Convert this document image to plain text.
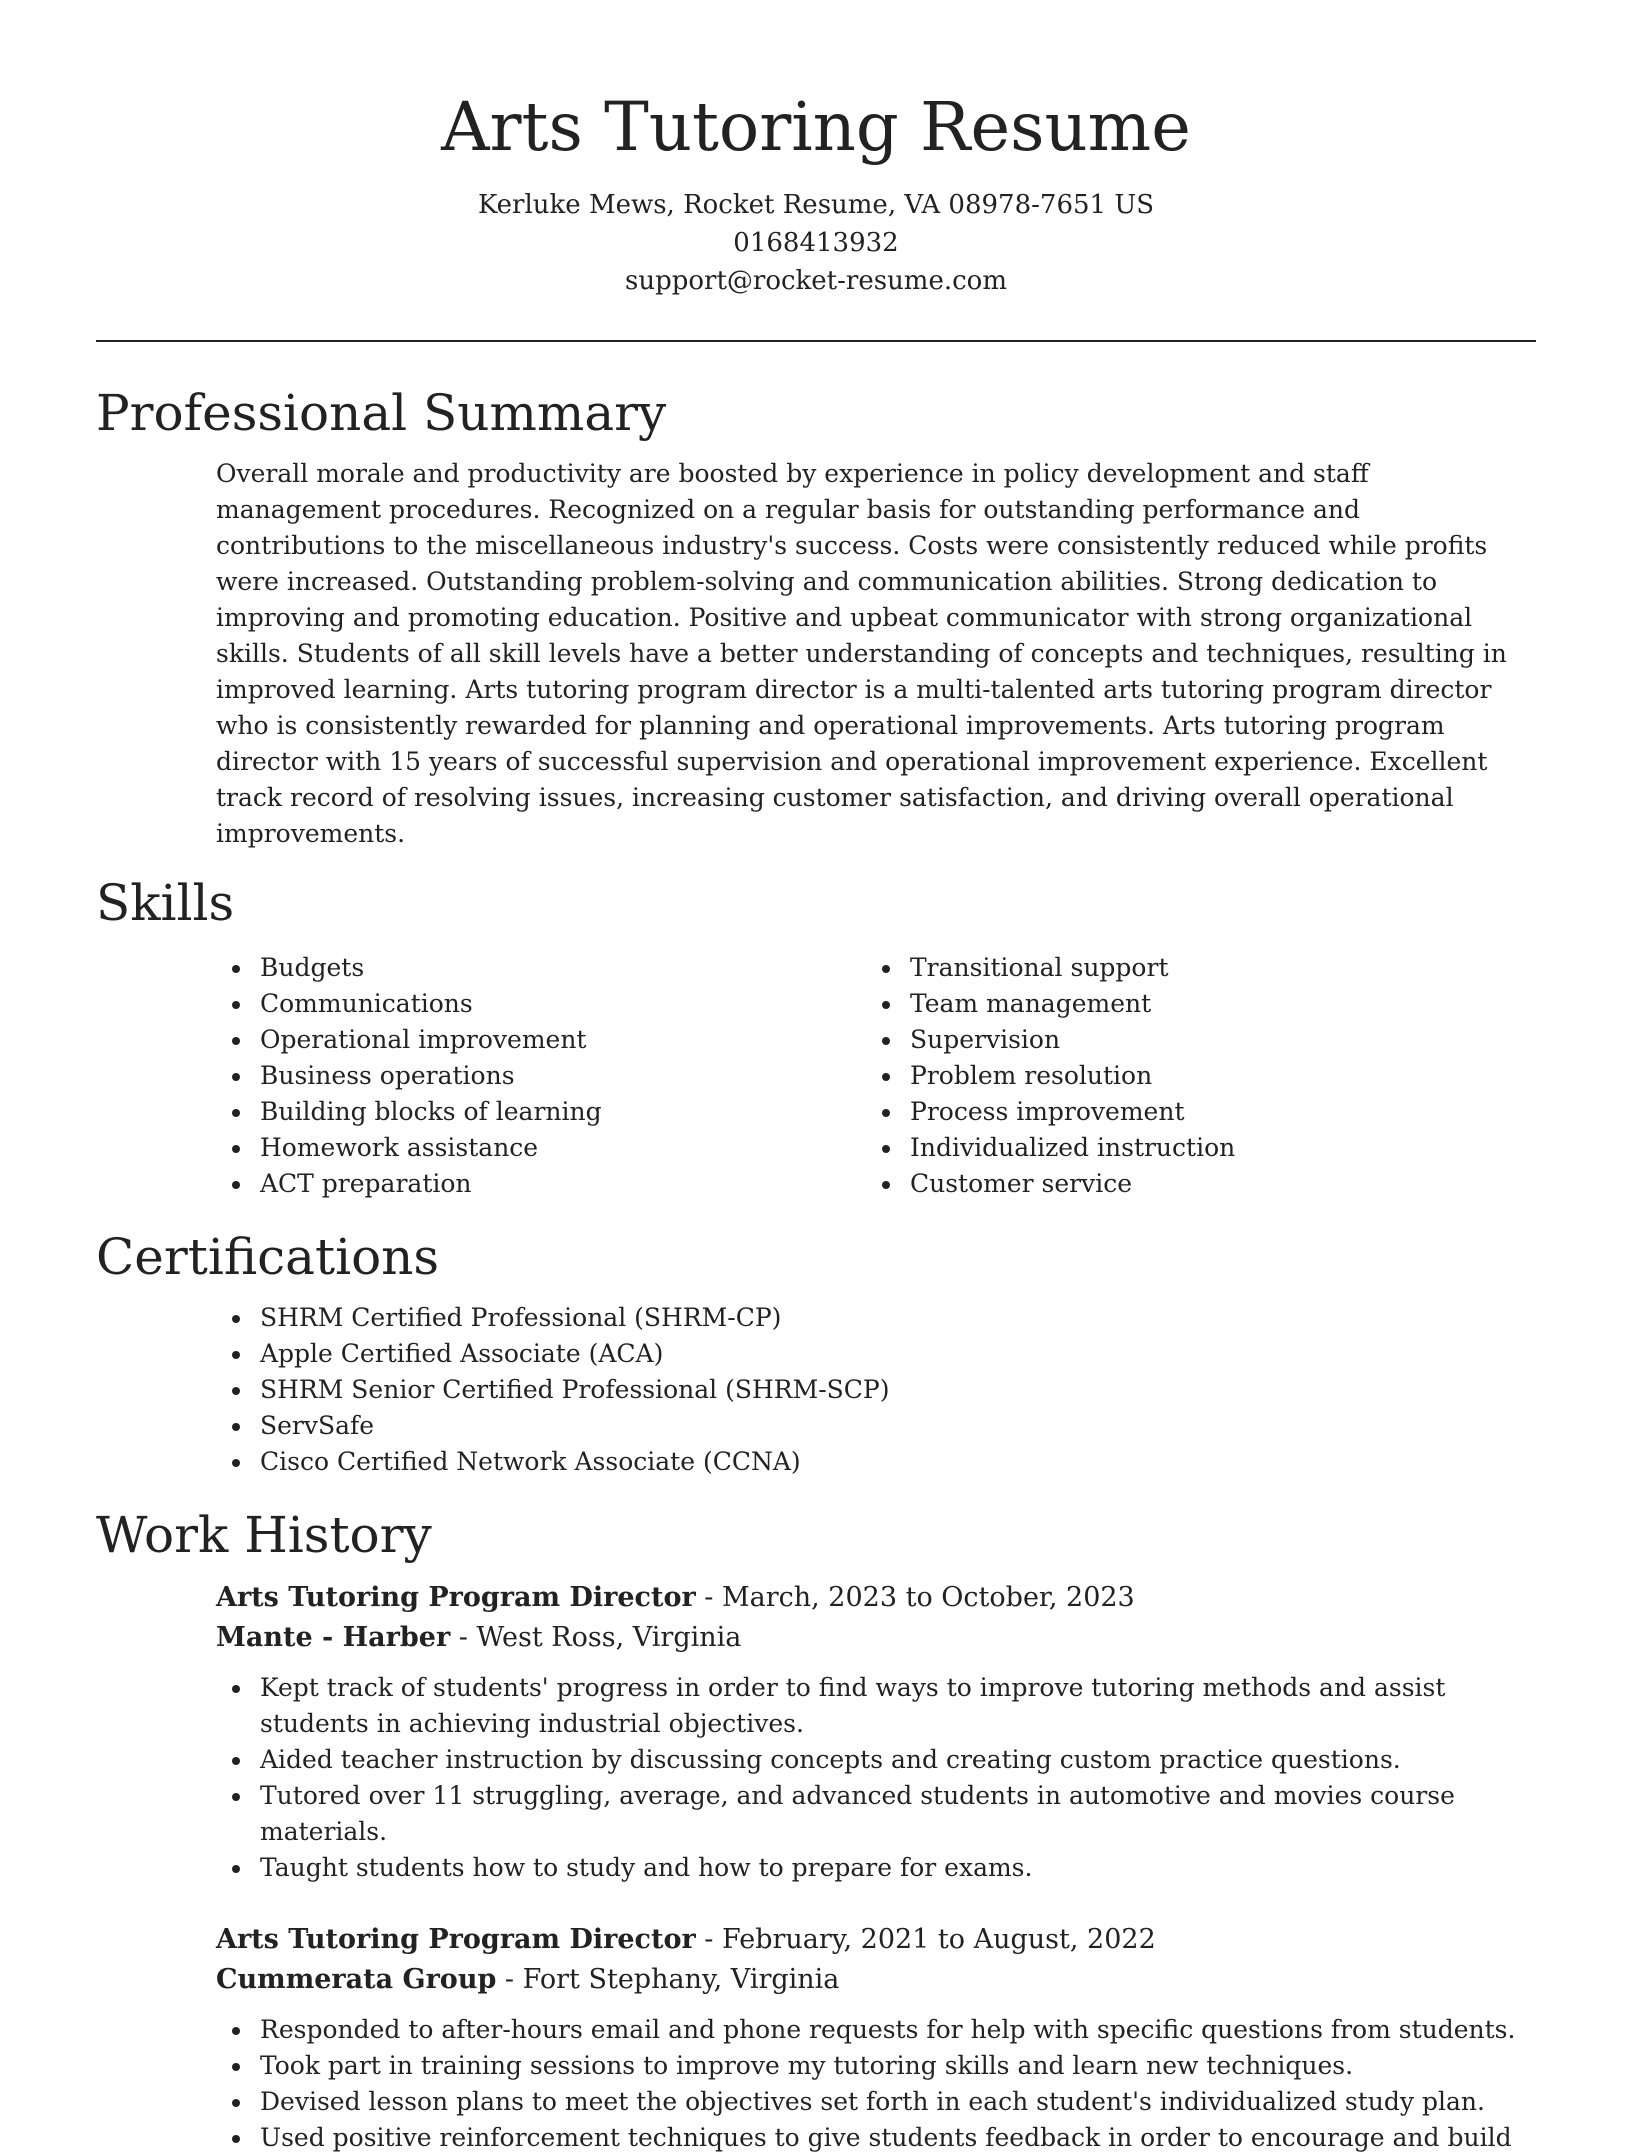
Arts Tutoring Resume
Kerluke Mews, Rocket Resume, VA 08978-7651 US
0168413932
support@rocket-resume.com
Professional Summary

Overall morale and productivity are boosted by experience in policy development and staff management procedures. Recognized on a regular basis for outstanding performance and contributions to the miscellaneous industry's success. Costs were consistently reduced while profits were increased. Outstanding problem-solving and communication abilities. Strong dedication to improving and promoting education. Positive and upbeat communicator with strong organizational skills. Students of all skill levels have a better understanding of concepts and techniques, resulting in improved learning. Arts tutoring program director is a multi-talented arts tutoring program director who is consistently rewarded for planning and operational improvements. Arts tutoring program director with 15 years of successful supervision and operational improvement experience. Excellent track record of resolving issues, increasing customer satisfaction, and driving overall operational improvements.

Skills
Budgets
Communications
Operational improvement
Business operations
Building blocks of learning
Homework assistance
ACT preparation
Transitional support
Team management
Supervision
Problem resolution
Process improvement
Individualized instruction
Customer service
Certifications
SHRM Certified Professional (SHRM-CP)
Apple Certified Associate (ACA)
SHRM Senior Certified Professional (SHRM-SCP)
ServSafe
Cisco Certified Network Associate (CCNA)
Work History
Arts Tutoring Program Director - March, 2023 to October, 2023
Mante - Harber - West Ross, Virginia
Kept track of students' progress in order to find ways to improve tutoring methods and assist students in achieving industrial objectives.
Aided teacher instruction by discussing concepts and creating custom practice questions.
Tutored over 11 struggling, average, and advanced students in automotive and movies course materials.
Taught students how to study and how to prepare for exams.
Arts Tutoring Program Director - February, 2021 to August, 2022
Cummerata Group - Fort Stephany, Virginia
Responded to after-hours email and phone requests for help with specific questions from students.
Took part in training sessions to improve my tutoring skills and learn new techniques.
Devised lesson plans to meet the objectives set forth in each student's individualized study plan.
Used positive reinforcement techniques to give students feedback in order to encourage and build
